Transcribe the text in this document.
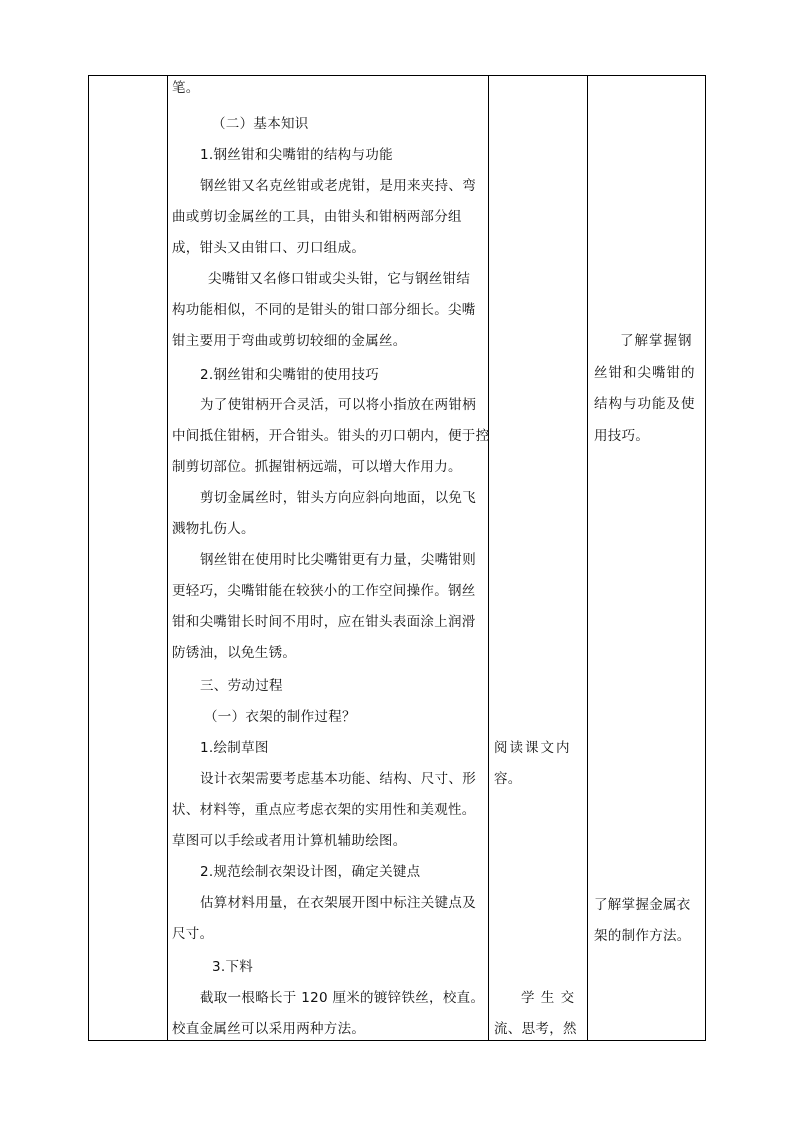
笔。
（二）基本知识
1.钢丝钳和尖嘴钳的结构与功能
钢丝钳又名克丝钳或老虎钳，是用来夹持、弯
曲或剪切金属丝的工具，由钳头和钳柄两部分组
成，钳头又由钳口、刃口组成。
尖嘴钳又名修口钳或尖头钳，它与钢丝钳结
构功能相似，不同的是钳头的钳口部分细长。尖嘴
钳主要用于弯曲或剪切较细的金属丝。
2.钢丝钳和尖嘴钳的使用技巧
为了使钳柄开合灵活，可以将小指放在两钳柄
中间抵住钳柄，开合钳头。钳头的刃口朝内，便于控
制剪切部位。抓握钳柄远端，可以增大作用力。
剪切金属丝时，钳头方向应斜向地面，以免飞
溅物扎伤人。
钢丝钳在使用时比尖嘴钳更有力量，尖嘴钳则
更轻巧，尖嘴钳能在较狭小的工作空间操作。钢丝
钳和尖嘴钳长时间不用时，应在钳头表面涂上润滑
防锈油，以免生锈。
三、劳动过程
（一）衣架的制作过程？
1.绘制草图
设计衣架需要考虑基本功能、结构、尺寸、形
状、材料等，重点应考虑衣架的实用性和美观性。
草图可以手绘或者用计算机辅助绘图。
2.规范绘制衣架设计图，确定关键点
估算材料用量，在衣架展开图中标注关键点及
尺寸。
3.下料
截取一根略长于 120 厘米的镀锌铁丝，校直。
校直金属丝可以采用两种方法。
阅读课文内
容。
学 生 交
流、思考，然
了解掌握钢
丝钳和尖嘴钳的
结构与功能及使
用技巧。
了解掌握金属衣
架的制作方法。
